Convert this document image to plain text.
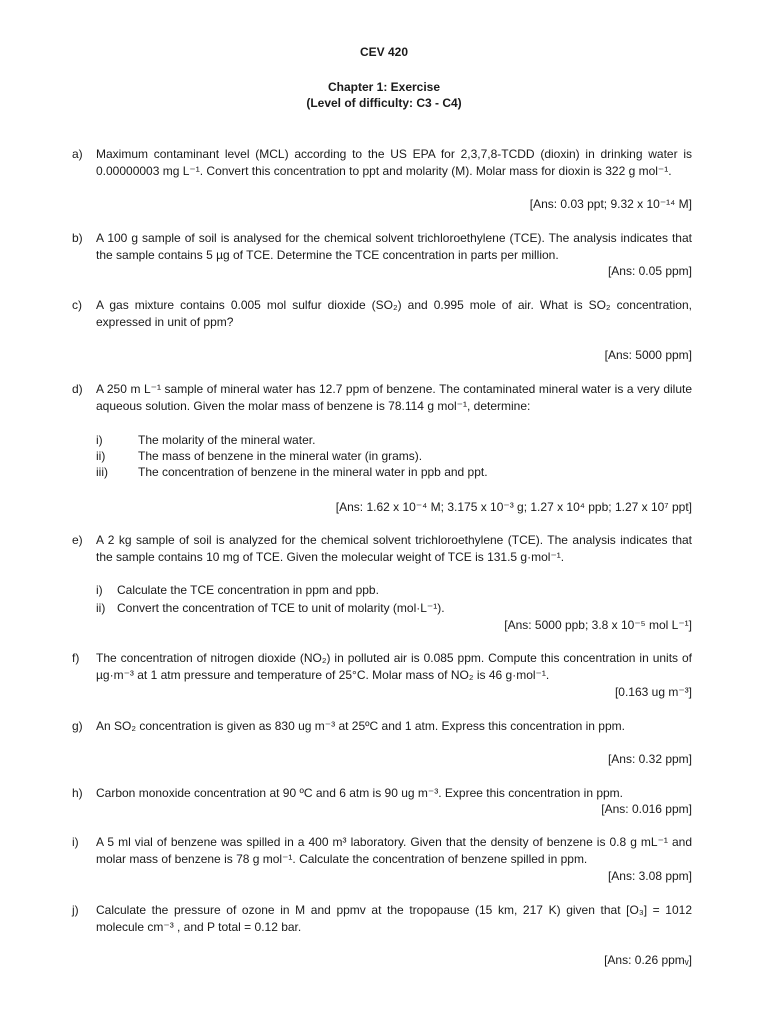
CEV 420
Chapter 1: Exercise
(Level of difficulty: C3 - C4)
a) Maximum contaminant level (MCL) according to the US EPA for 2,3,7,8-TCDD (dioxin) in drinking water is 0.00000003 mg L⁻¹. Convert this concentration to ppt and molarity (M). Molar mass for dioxin is 322 g mol⁻¹.
[Ans: 0.03 ppt; 9.32 x 10⁻¹⁴ M]
b) A 100 g sample of soil is analysed for the chemical solvent trichloroethylene (TCE). The analysis indicates that the sample contains 5 µg of TCE. Determine the TCE concentration in parts per million.
[Ans: 0.05 ppm]
c) A gas mixture contains 0.005 mol sulfur dioxide (SO₂) and 0.995 mole of air. What is SO₂ concentration, expressed in unit of ppm?
[Ans: 5000 ppm]
d) A 250 m L⁻¹ sample of mineral water has 12.7 ppm of benzene. The contaminated mineral water is a very dilute aqueous solution. Given the molar mass of benzene is 78.114 g mol⁻¹, determine:
i)	The molarity of the mineral water.
ii)	The mass of benzene in the mineral water (in grams).
iii)	The concentration of benzene in the mineral water in ppb and ppt.
[Ans: 1.62 x 10⁻⁴ M; 3.175 x 10⁻³ g; 1.27 x 10⁴ ppb; 1.27 x 10⁷ ppt]
e) A 2 kg sample of soil is analyzed for the chemical solvent trichloroethylene (TCE). The analysis indicates that the sample contains 10 mg of TCE. Given the molecular weight of TCE is 131.5 g·mol⁻¹.
i) Calculate the TCE concentration in ppm and ppb.
ii) Convert the concentration of TCE to unit of molarity (mol·L⁻¹).
[Ans: 5000 ppb; 3.8 x 10⁻⁵ mol L⁻¹]
f) The concentration of nitrogen dioxide (NO₂) in polluted air is 0.085 ppm. Compute this concentration in units of µg·m⁻³ at 1 atm pressure and temperature of 25°C. Molar mass of NO₂ is 46 g·mol⁻¹.
[0.163 ug m⁻³]
g) An SO₂ concentration is given as 830 ug m⁻³ at 25ºC and 1 atm. Express this concentration in ppm.
[Ans: 0.32 ppm]
h) Carbon monoxide concentration at 90 ºC and 6 atm is 90 ug m⁻³. Expree this concentration in ppm.
[Ans: 0.016 ppm]
i) A 5 ml vial of benzene was spilled in a 400 m³ laboratory. Given that the density of benzene is 0.8 g mL⁻¹ and molar mass of benzene is 78 g mol⁻¹. Calculate the concentration of benzene spilled in ppm.
[Ans: 3.08 ppm]
j) Calculate the pressure of ozone in M and ppmv at the tropopause (15 km, 217 K) given that [O₃] = 1012 molecule cm⁻³ , and P total = 0.12 bar.
[Ans: 0.26 ppmᵥ]
